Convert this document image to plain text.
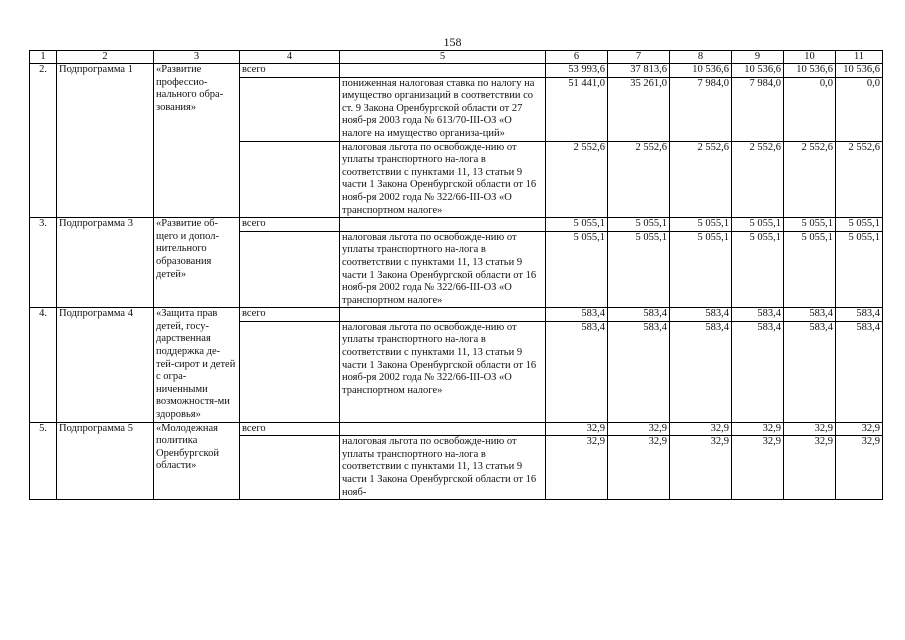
158
1	2	3	4	5	6	7	8	9	10	11
2.	Подпрограмма 1	«Развитие профессио-нального обра-зования»	всего		53 993,6	37 813,6	10 536,6	10 536,6	10 536,6	10 536,6
				пониженная налоговая ставка по налогу на имущество организаций в соответствии со ст. 9 Закона Оренбургской области от 27 нояб-ря 2003 года № 613/70-III-ОЗ «О налоге на имущество организа-ций»	51 441,0	35 261,0	7 984,0	7 984,0	0,0	0,0
				налоговая льгота по освобожде-нию от уплаты транспортного на-лога в соответствии с пунктами 11, 13 статьи 9 части 1 Закона Оренбургской области от 16 нояб-ря 2002 года № 322/66-III-ОЗ «О транспортном налоге»	2 552,6	2 552,6	2 552,6	2 552,6	2 552,6	2 552,6
3.	Подпрограмма 3	«Развитие об-щего и допол-нительного образования детей»	всего		5 055,1	5 055,1	5 055,1	5 055,1	5 055,1	5 055,1
				налоговая льгота по освобожде-нию от уплаты транспортного на-лога в соответствии с пунктами 11, 13 статьи 9 части 1 Закона Оренбургской области от 16 нояб-ря 2002 года № 322/66-III-ОЗ «О транспортном налоге»	5 055,1	5 055,1	5 055,1	5 055,1	5 055,1	5 055,1
4.	Подпрограмма 4	«Защита прав детей, госу-дарственная поддержка де-тей-сирот и детей с огра-ниченными возможностя-ми здоровья»	всего		583,4	583,4	583,4	583,4	583,4	583,4
				налоговая льгота по освобожде-нию от уплаты транспортного на-лога в соответствии с пунктами 11, 13 статьи 9 части 1 Закона Оренбургской области от 16 нояб-ря 2002 года № 322/66-III-ОЗ «О транспортном налоге»	583,4	583,4	583,4	583,4	583,4	583,4
5.	Подпрограмма 5	«Молодежная политика Оренбургской области»	всего		32,9	32,9	32,9	32,9	32,9	32,9
				налоговая льгота по освобожде-нию от уплаты транспортного на-лога в соответствии с пунктами 11, 13 статьи 9 части 1 Закона Оренбургской области от 16 нояб-	32,9	32,9	32,9	32,9	32,9	32,9
